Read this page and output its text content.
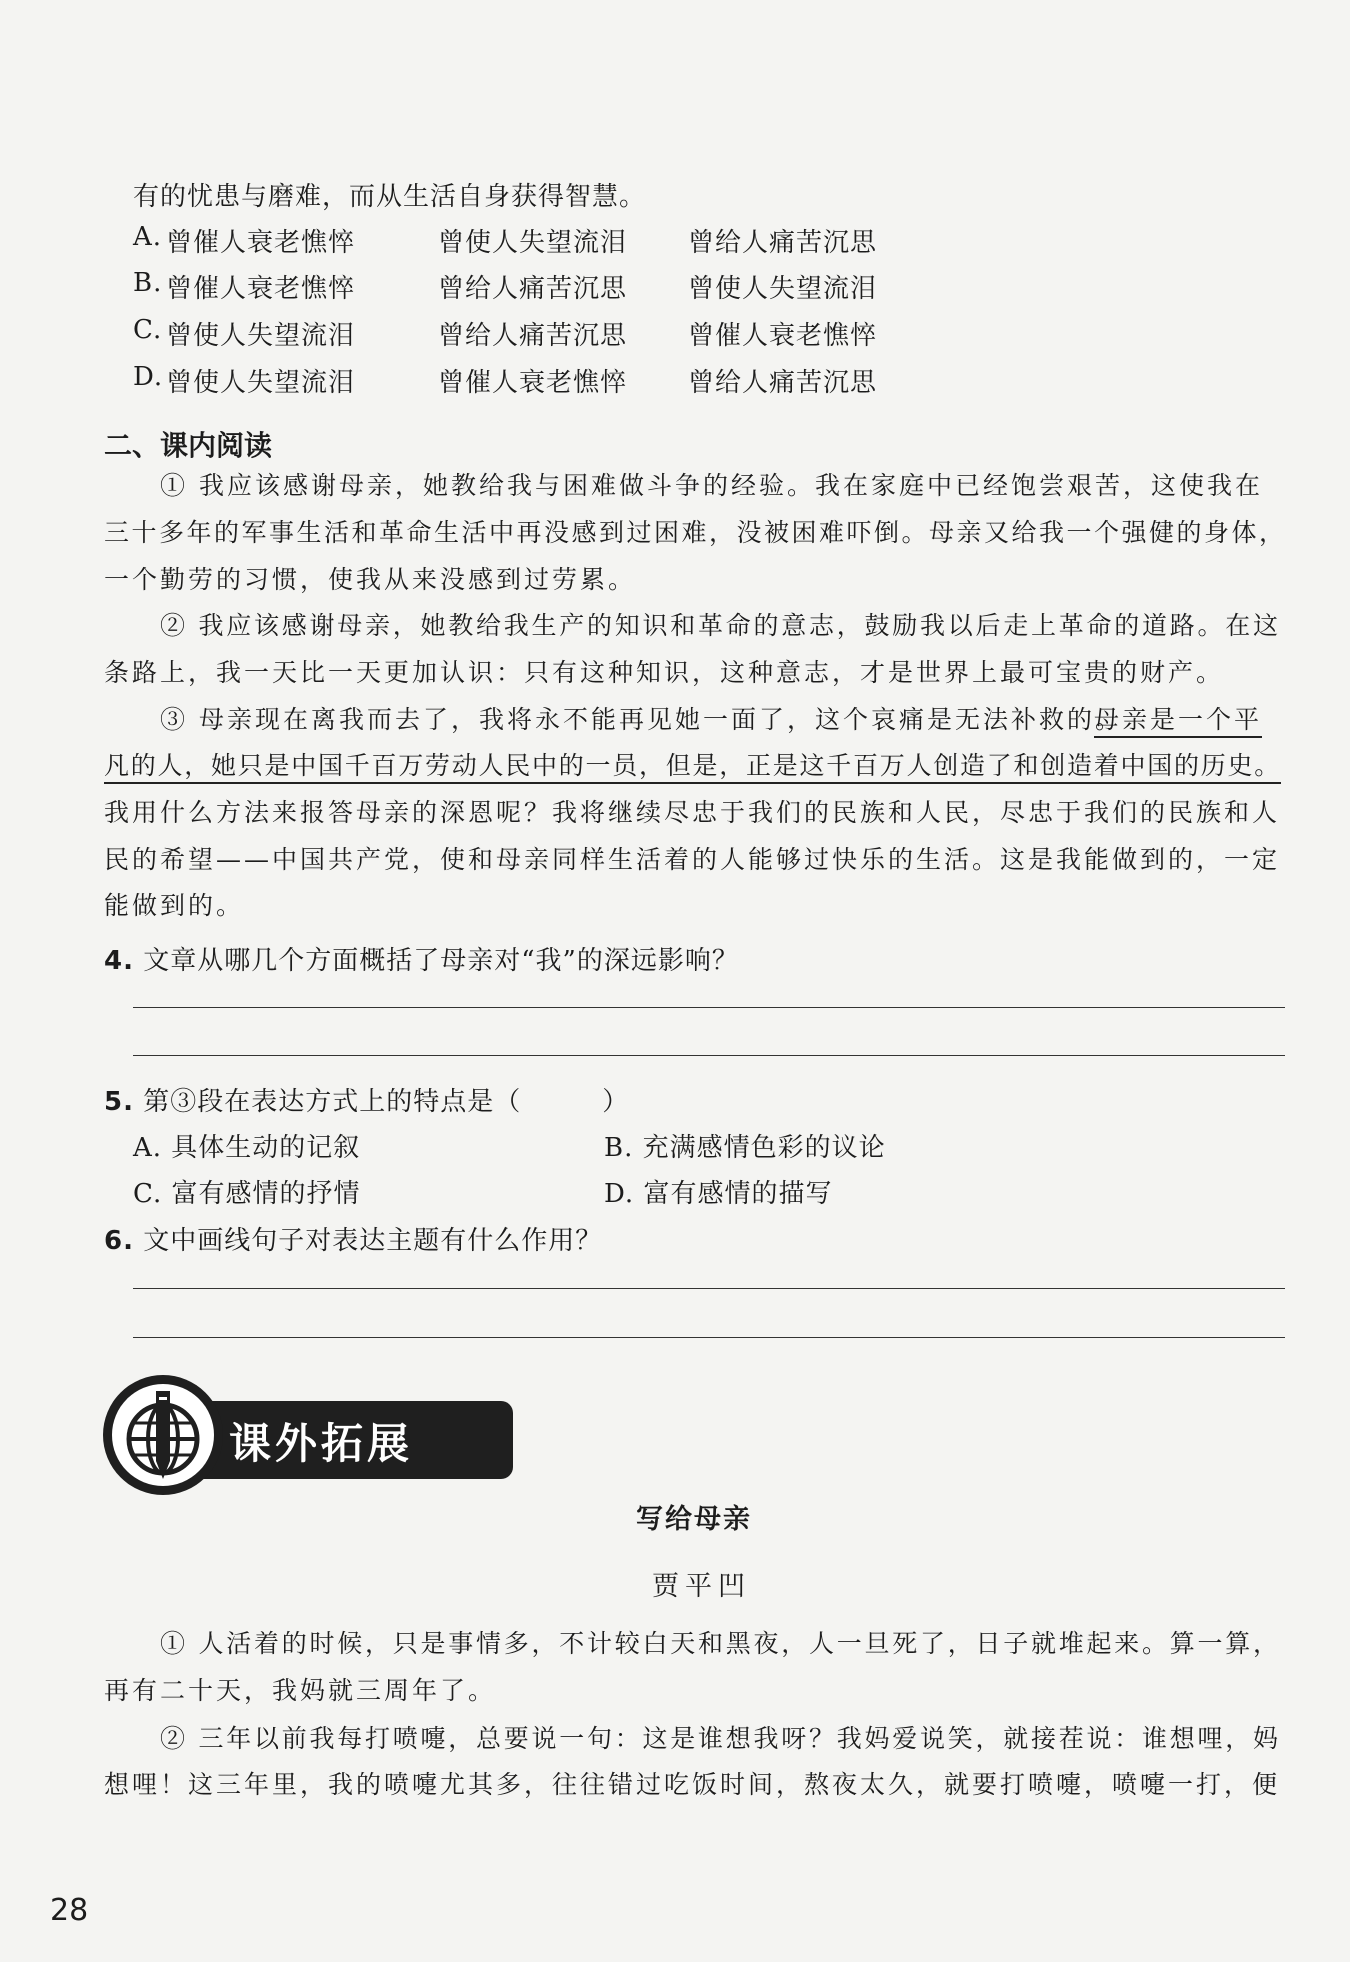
有的忧患与磨难，而从生活自身获得智慧。
A. 曾催人衰老憔悴	曾使人失望流泪 曾给人痛苦沉思
B. 曾催人衰老憔悴	曾给人痛苦沉思 曾使人失望流泪
C. 曾使人失望流泪	曾给人痛苦沉思 曾催人衰老憔悴
D. 曾使人失望流泪	曾催人衰老憔悴 曾给人痛苦沉思
二、课内阅读
① 我应该感谢母亲，她教给我与困难做斗争的经验。我在家庭中已经饱尝艰苦，这使我在
三十多年的军事生活和革命生活中再没感到过困难，没被困难吓倒。母亲又给我一个强健的身体，
一个勤劳的习惯，使我从来没感到过劳累。
② 我应该感谢母亲，她教给我生产的知识和革命的意志，鼓励我以后走上革命的道路。在这
条路上，我一天比一天更加认识：只有这种知识，这种意志，才是世界上最可宝贵的财产。
③ 母亲现在离我而去了，我将永不能再见她一面了，这个哀痛是无法补救的。
母亲是一个平
凡的人，她只是中国千百万劳动人民中的一员，但是，正是这千百万人创造了和创造着中国的历史。
我用什么方法来报答母亲的深恩呢？我将继续尽忠于我们的民族和人民，尽忠于我们的民族和人
民的希望——中国共产党，使和母亲同样生活着的人能够过快乐的生活。这是我能做到的，一定
能做到的。
4. 文章从哪几个方面概括了母亲对“我”的深远影响？
5. 第③段在表达方式上的特点是（　　　）
A. 具体生动的记叙	B. 充满感情色彩的议论
C. 富有感情的抒情	D. 富有感情的描写
6. 文中画线句子对表达主题有什么作用？
课外拓展
写给母亲
贾平凹
① 人活着的时候，只是事情多，不计较白天和黑夜，人一旦死了，日子就堆起来。算一算，
再有二十天，我妈就三周年了。
② 三年以前我每打喷嚏，总要说一句：这是谁想我呀？我妈爱说笑，就接茬说：谁想哩，妈
想哩！这三年里，我的喷嚏尤其多，往往错过吃饭时间，熬夜太久，就要打喷嚏，喷嚏一打，便
28
